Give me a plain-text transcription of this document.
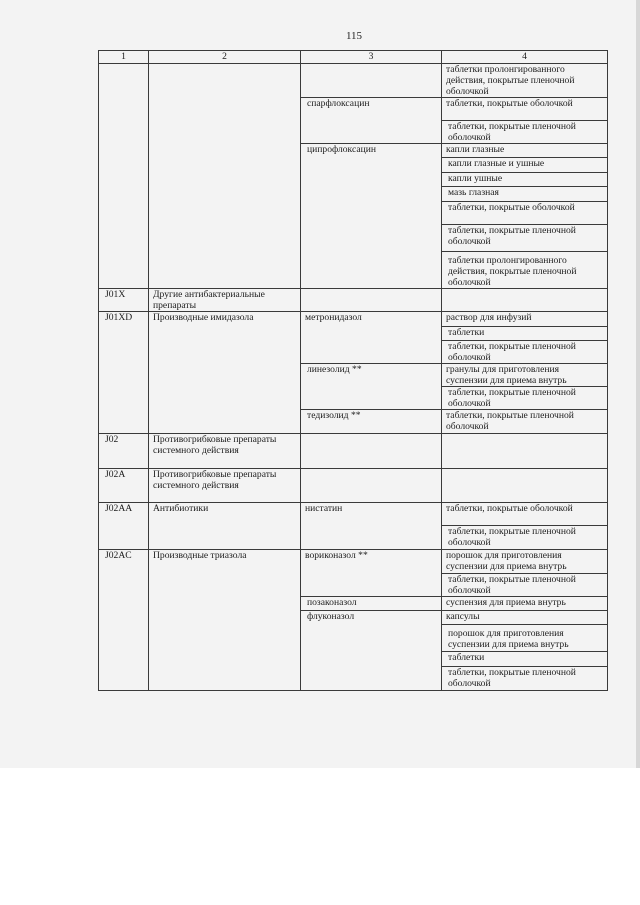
115
1	2	3	4
			таблетки пролонгированного действия, покрытые пленочной оболочкой
		спарфлоксацин	таблетки, покрытые оболочкой
			таблетки, покрытые пленочной оболочкой
		ципрофлоксацин	капли глазные
			капли глазные и ушные
			капли ушные
			мазь глазная
			таблетки, покрытые оболочкой
			таблетки, покрытые пленочной оболочкой
			таблетки пролонгированного действия, покрытые пленочной оболочкой
J01X	Другие антибактериальные препараты		
J01XD	Производные имидазола	метронидазол	раствор для инфузий
			таблетки
			таблетки, покрытые пленочной оболочкой
		линезолид **	гранулы для приготовления суспензии для приема внутрь
			таблетки, покрытые пленочной оболочкой
		тедизолид **	таблетки, покрытые пленочной оболочкой
J02	Противогрибковые препараты системного действия		
J02A	Противогрибковые препараты системного действия		
J02AA	Антибиотики	нистатин	таблетки, покрытые оболочкой
			таблетки, покрытые пленочной оболочкой
J02AC	Производные триазола	вориконазол **	порошок для приготовления суспензии для приема внутрь
			таблетки, покрытые пленочной оболочкой
		позаконазол	суспензия для приема внутрь
		флуконазол	капсулы
			порошок для приготовления суспензии для приема внутрь
			таблетки
			таблетки, покрытые пленочной оболочкой
